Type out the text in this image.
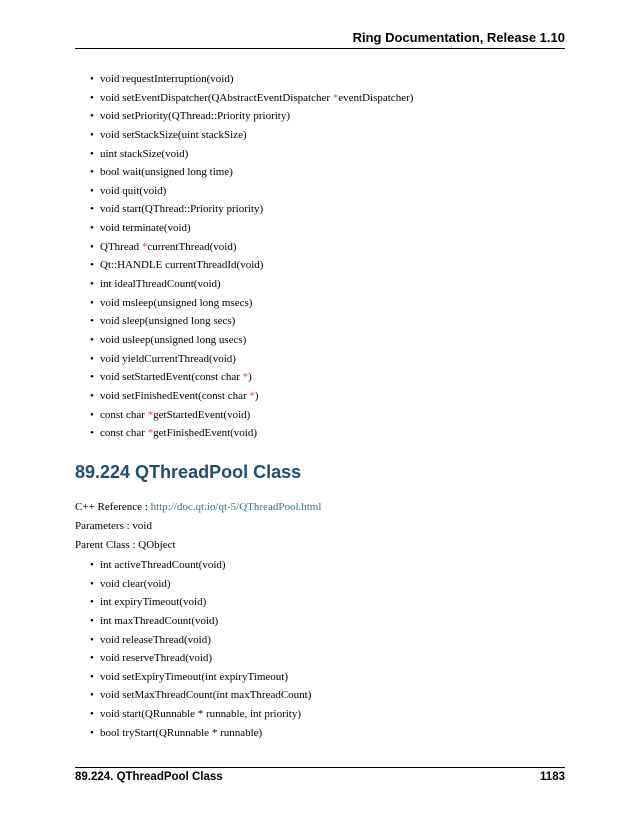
Ring Documentation, Release 1.10
• void requestInterruption(void)
• void setEventDispatcher(QAbstractEventDispatcher *eventDispatcher)
• void setPriority(QThread::Priority priority)
• void setStackSize(uint stackSize)
• uint stackSize(void)
• bool wait(unsigned long time)
• void quit(void)
• void start(QThread::Priority priority)
• void terminate(void)
• QThread *currentThread(void)
• Qt::HANDLE currentThreadId(void)
• int idealThreadCount(void)
• void msleep(unsigned long msecs)
• void sleep(unsigned long secs)
• void usleep(unsigned long usecs)
• void yieldCurrentThread(void)
• void setStartedEvent(const char *)
• void setFinishedEvent(const char *)
• const char *getStartedEvent(void)
• const char *getFinishedEvent(void)
89.224 QThreadPool Class
C++ Reference : http://doc.qt.io/qt-5/QThreadPool.html
Parameters : void
Parent Class : QObject
• int activeThreadCount(void)
• void clear(void)
• int expiryTimeout(void)
• int maxThreadCount(void)
• void releaseThread(void)
• void reserveThread(void)
• void setExpiryTimeout(int expiryTimeout)
• void setMaxThreadCount(int maxThreadCount)
• void start(QRunnable * runnable, int priority)
• bool tryStart(QRunnable * runnable)
89.224. QThreadPool Class	1183
